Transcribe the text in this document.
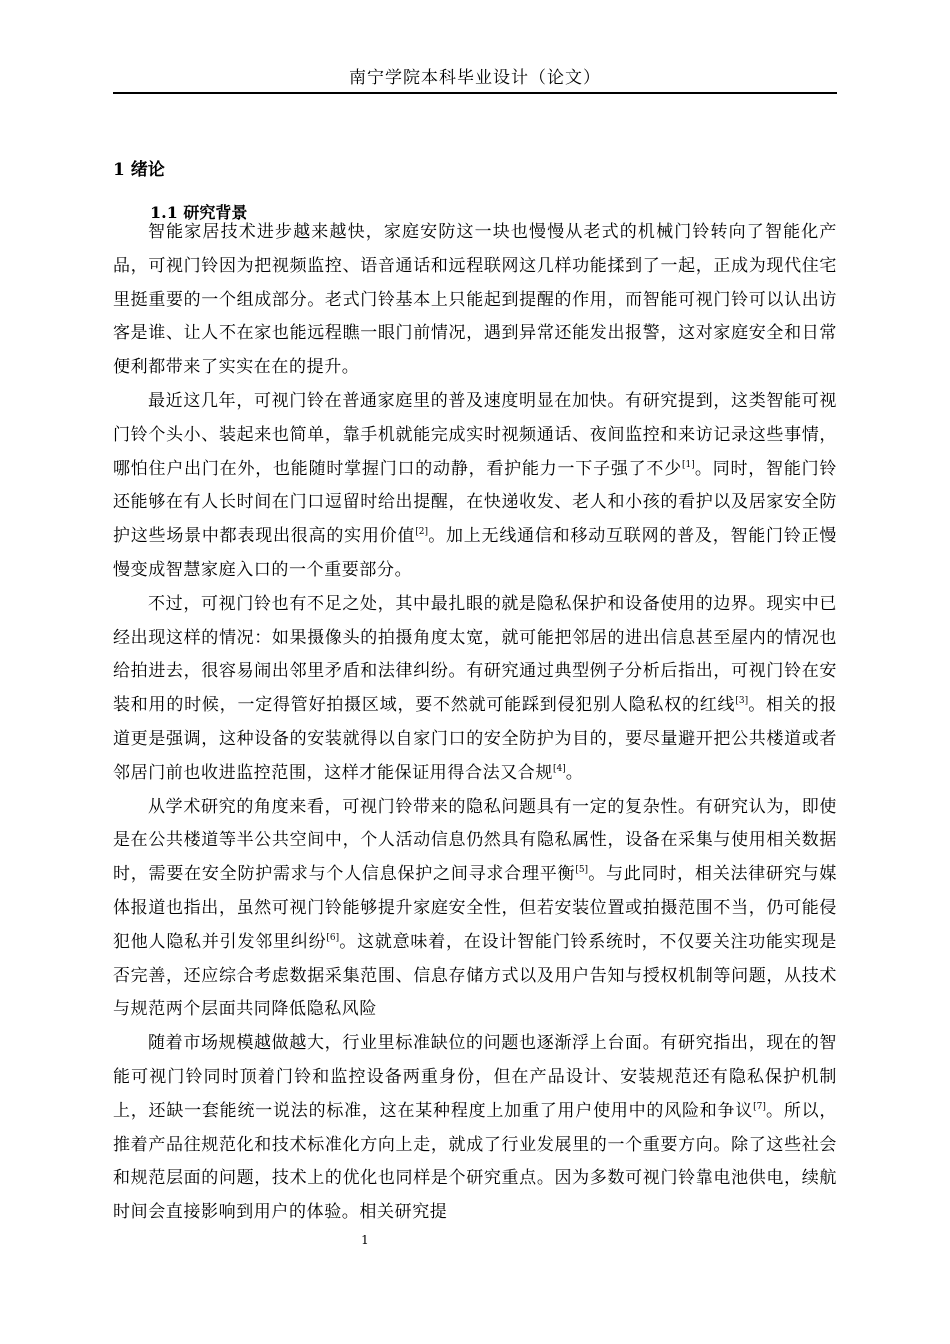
南宁学院本科毕业设计（论文）
1 绪论
1.1 研究背景

智能家居技术进步越来越快，家庭安防这一块也慢慢从老式的机械门铃转向了智能化产品，可视门铃因为把视频监控、语音通话和远程联网这几样功能揉到了一起，正成为现代住宅里挺重要的一个组成部分。老式门铃基本上只能起到提醒的作用，而智能可视门铃可以认出访客是谁、让人不在家也能远程瞧一眼门前情况，遇到异常还能发出报警，这对家庭安全和日常便利都带来了实实在在的提升。

最近这几年，可视门铃在普通家庭里的普及速度明显在加快。有研究提到，这类智能可视门铃个头小、装起来也简单，靠手机就能完成实时视频通话、夜间监控和来访记录这些事情，哪怕住户出门在外，也能随时掌握门口的动静，看护能力一下子强了不少[1]。同时，智能门铃还能够在有人长时间在门口逗留时给出提醒，在快递收发、老人和小孩的看护以及居家安全防护这些场景中都表现出很高的实用价值[2]。加上无线通信和移动互联网的普及，智能门铃正慢慢变成智慧家庭入口的一个重要部分。

不过，可视门铃也有不足之处，其中最扎眼的就是隐私保护和设备使用的边界。现实中已经出现这样的情况：如果摄像头的拍摄角度太宽，就可能把邻居的进出信息甚至屋内的情况也给拍进去，很容易闹出邻里矛盾和法律纠纷。有研究通过典型例子分析后指出，可视门铃在安装和用的时候，一定得管好拍摄区域，要不然就可能踩到侵犯别人隐私权的红线[3]。相关的报道更是强调，这种设备的安装就得以自家门口的安全防护为目的，要尽量避开把公共楼道或者邻居门前也收进监控范围，这样才能保证用得合法又合规[4]。

从学术研究的角度来看，可视门铃带来的隐私问题具有一定的复杂性。有研究认为，即使是在公共楼道等半公共空间中，个人活动信息仍然具有隐私属性，设备在采集与使用相关数据时，需要在安全防护需求与个人信息保护之间寻求合理平衡[5]。与此同时，相关法律研究与媒体报道也指出，虽然可视门铃能够提升家庭安全性，但若安装位置或拍摄范围不当，仍可能侵犯他人隐私并引发邻里纠纷[6]。这就意味着，在设计智能门铃系统时，不仅要关注功能实现是否完善，还应综合考虑数据采集范围、信息存储方式以及用户告知与授权机制等问题，从技术与规范两个层面共同降低隐私风险

随着市场规模越做越大，行业里标准缺位的问题也逐渐浮上台面。有研究指出，现在的智能可视门铃同时顶着门铃和监控设备两重身份，但在产品设计、安装规范还有隐私保护机制上，还缺一套能统一说法的标准，这在某种程度上加重了用户使用中的风险和争议[7]。所以，推着产品往规范化和技术标准化方向上走，就成了行业发展里的一个重要方向。除了这些社会和规范层面的问题，技术上的优化也同样是个研究重点。因为多数可视门铃靠电池供电，续航时间会直接影响到用户的体验。相关研究提

1
